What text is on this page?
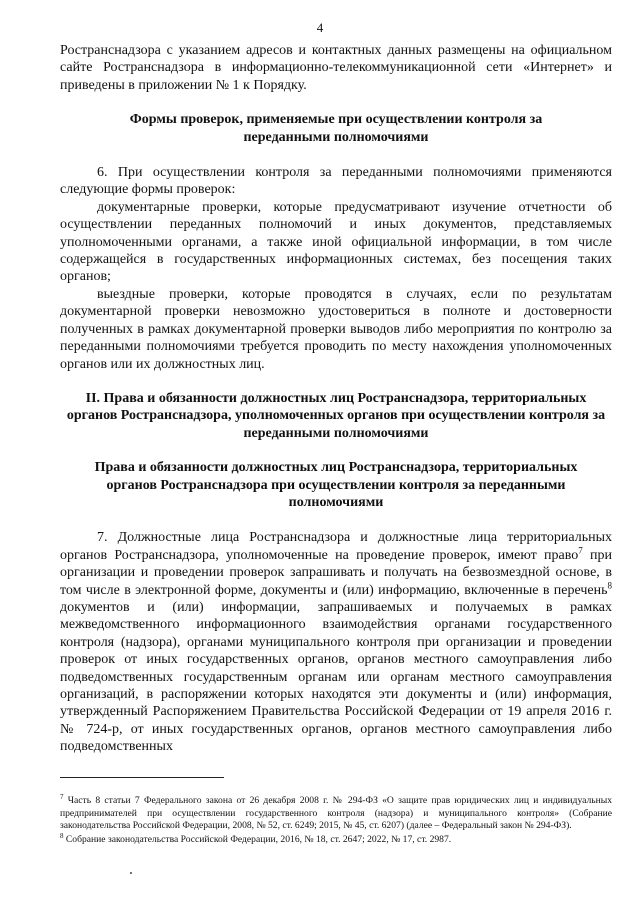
4

Ространснадзора с указанием адресов и контактных данных размещены на официальном сайте Ространснадзора в информационно-телекоммуникационной сети «Интернет» и приведены в приложении № 1 к Порядку.

Формы проверок, применяемые при осуществлении контроля за переданными полномочиями

6. При осуществлении контроля за переданными полномочиями применяются следующие формы проверок:

документарные проверки, которые предусматривают изучение отчетности об осуществлении переданных полномочий и иных документов, представляемых уполномоченными органами, а также иной официальной информации, в том числе содержащейся в государственных информационных системах, без посещения таких органов;

выездные проверки, которые проводятся в случаях, если по результатам документарной проверки невозможно удостовериться в полноте и достоверности полученных в рамках документарной проверки выводов либо мероприятия по контролю за переданными полномочиями требуется проводить по месту нахождения уполномоченных органов или их должностных лиц.

II. Права и обязанности должностных лиц Ространснадзора, территориальных органов Ространснадзора, уполномоченных органов при осуществлении контроля за переданными полномочиями

Права и обязанности должностных лиц Ространснадзора, территориальных органов Ространснадзора при осуществлении контроля за переданными полномочиями

7. Должностные лица Ространснадзора и должностные лица территориальных органов Ространснадзора, уполномоченные на проведение проверок, имеют право$^7$ при организации и проведении проверок запрашивать и получать на безвозмездной основе, в том числе в электронной форме, документы и (или) информацию, включенные в перечень$^8$ документов и (или) информации, запрашиваемых и получаемых в рамках межведомственного информационного взаимодействия органами государственного контроля (надзора), органами муниципального контроля при организации и проведении проверок от иных государственных органов, органов местного самоуправления либо подведомственных государственным органам или органам местного самоуправления организаций, в распоряжении которых находятся эти документы и (или) информация, утвержденный Распоряжением Правительства Российской Федерации от 19 апреля 2016 г. № 724-р, от иных государственных органов, органов местного самоуправления либо подведомственных

$^7$ Часть 8 статьи 7 Федерального закона от 26 декабря 2008 г. № 294-ФЗ «О защите прав юридических лиц и индивидуальных предпринимателей при осуществлении государственного контроля (надзора) и муниципального контроля» (Собрание законодательства Российской Федерации, 2008, № 52, ст. 6249; 2015, № 45, ст. 6207) (далее – Федеральный закон № 294-ФЗ).

$^8$ Собрание законодательства Российской Федерации, 2016, № 18, ст. 2647; 2022, № 17, ст. 2987.
